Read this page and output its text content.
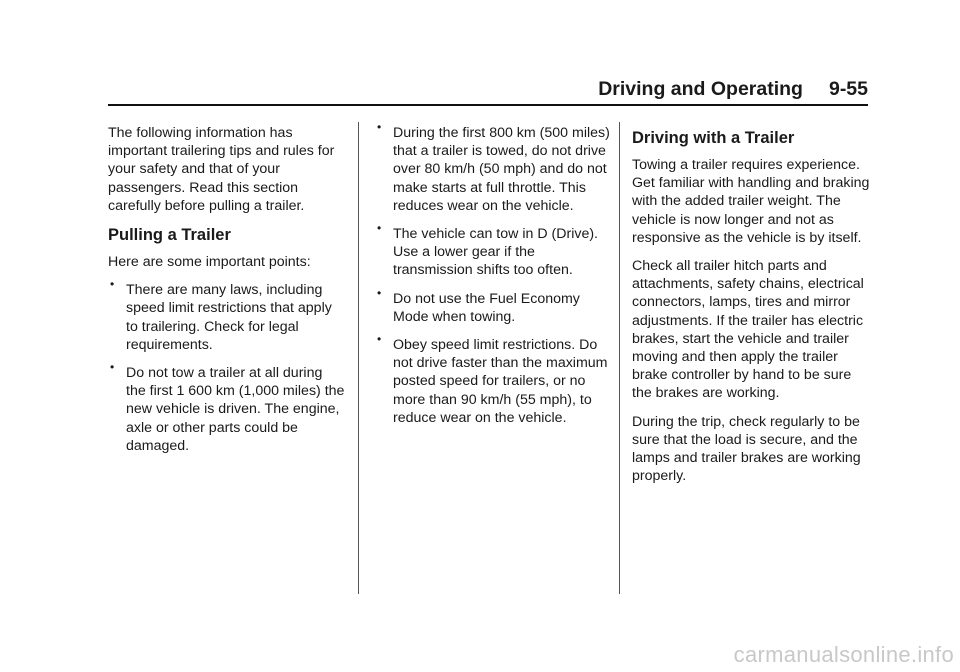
Driving and Operating 9-55

The following information has important trailering tips and rules for your safety and that of your passengers. Read this section carefully before pulling a trailer.

Pulling a Trailer

Here are some important points:

• There are many laws, including speed limit restrictions that apply to trailering. Check for legal requirements.
• Do not tow a trailer at all during the first 1 600 km (1,000 miles) the new vehicle is driven. The engine, axle or other parts could be damaged.
• During the first 800 km (500 miles) that a trailer is towed, do not drive over 80 km/h (50 mph) and do not make starts at full throttle. This reduces wear on the vehicle.
• The vehicle can tow in D (Drive). Use a lower gear if the transmission shifts too often.
• Do not use the Fuel Economy Mode when towing.
• Obey speed limit restrictions. Do not drive faster than the maximum posted speed for trailers, or no more than 90 km/h (55 mph), to reduce wear on the vehicle.
Driving with a Trailer

Towing a trailer requires experience. Get familiar with handling and braking with the added trailer weight. The vehicle is now longer and not as responsive as the vehicle is by itself.

Check all trailer hitch parts and attachments, safety chains, electrical connectors, lamps, tires and mirror adjustments. If the trailer has electric brakes, start the vehicle and trailer moving and then apply the trailer brake controller by hand to be sure the brakes are working.

During the trip, check regularly to be sure that the load is secure, and the lamps and trailer brakes are working properly.

carmanualsonline.info
